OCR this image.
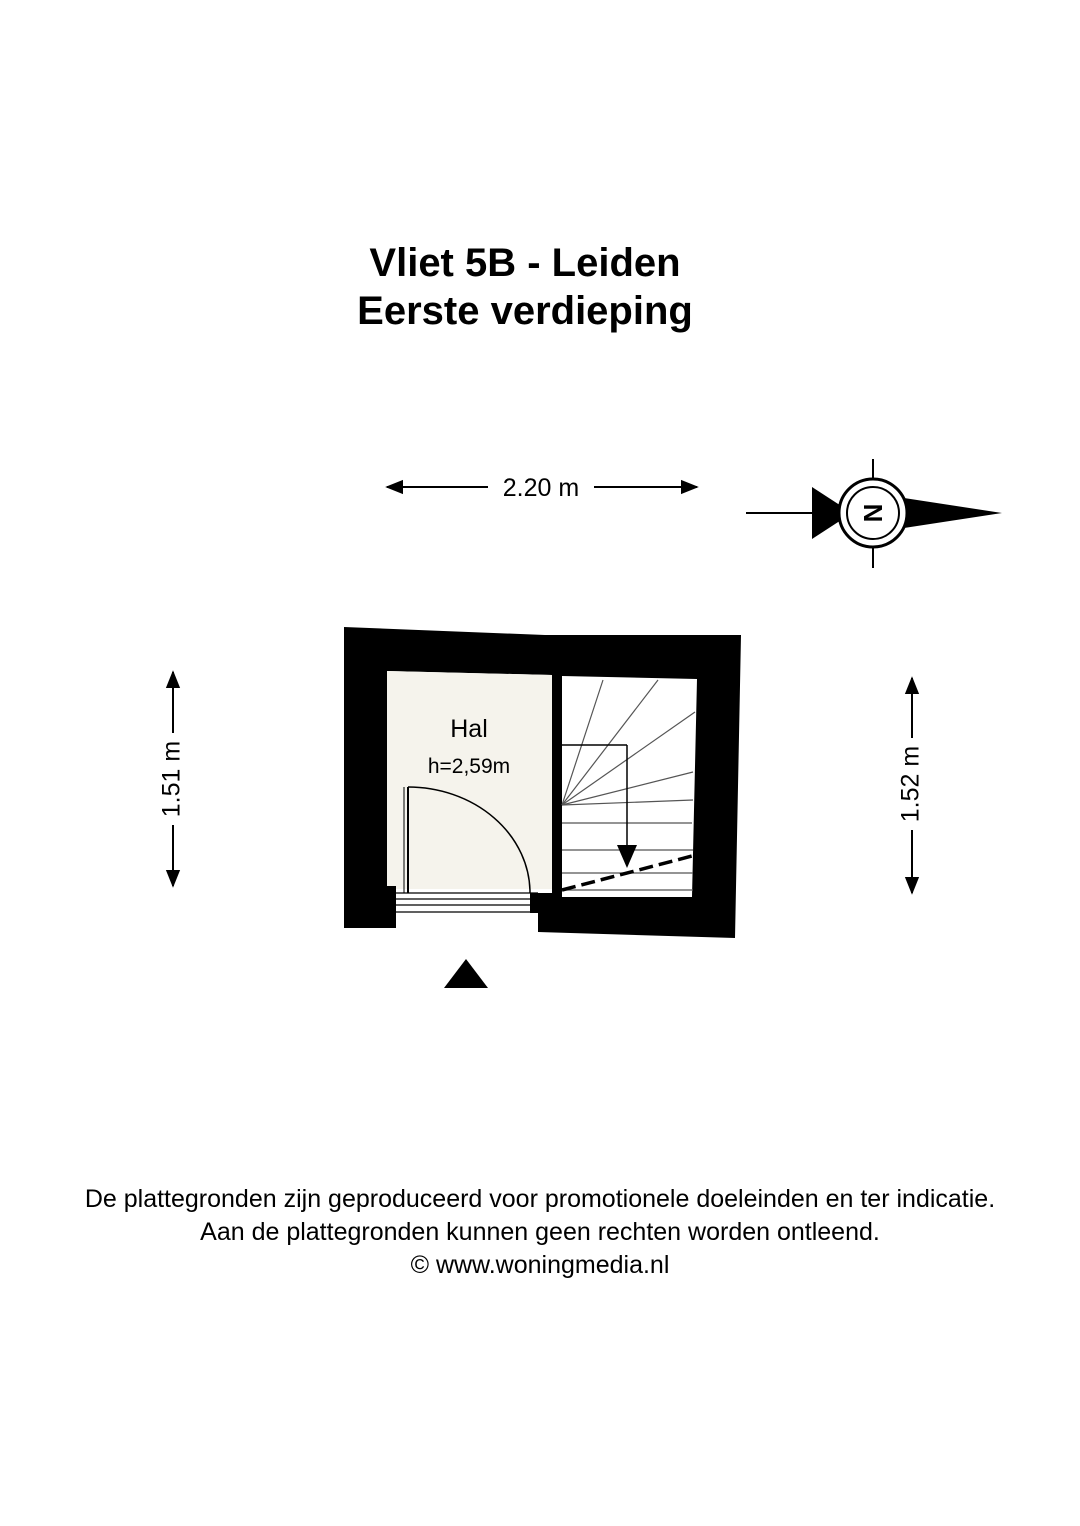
Vliet 5B - Leiden
Eerste verdieping
2.20 m
1.51 m	1.52 m
N
Hal
h=2,59m
De plattegronden zijn geproduceerd voor promotionele doeleinden en ter indicatie.
Aan de plattegronden kunnen geen rechten worden ontleend.
© www.woningmedia.nl
